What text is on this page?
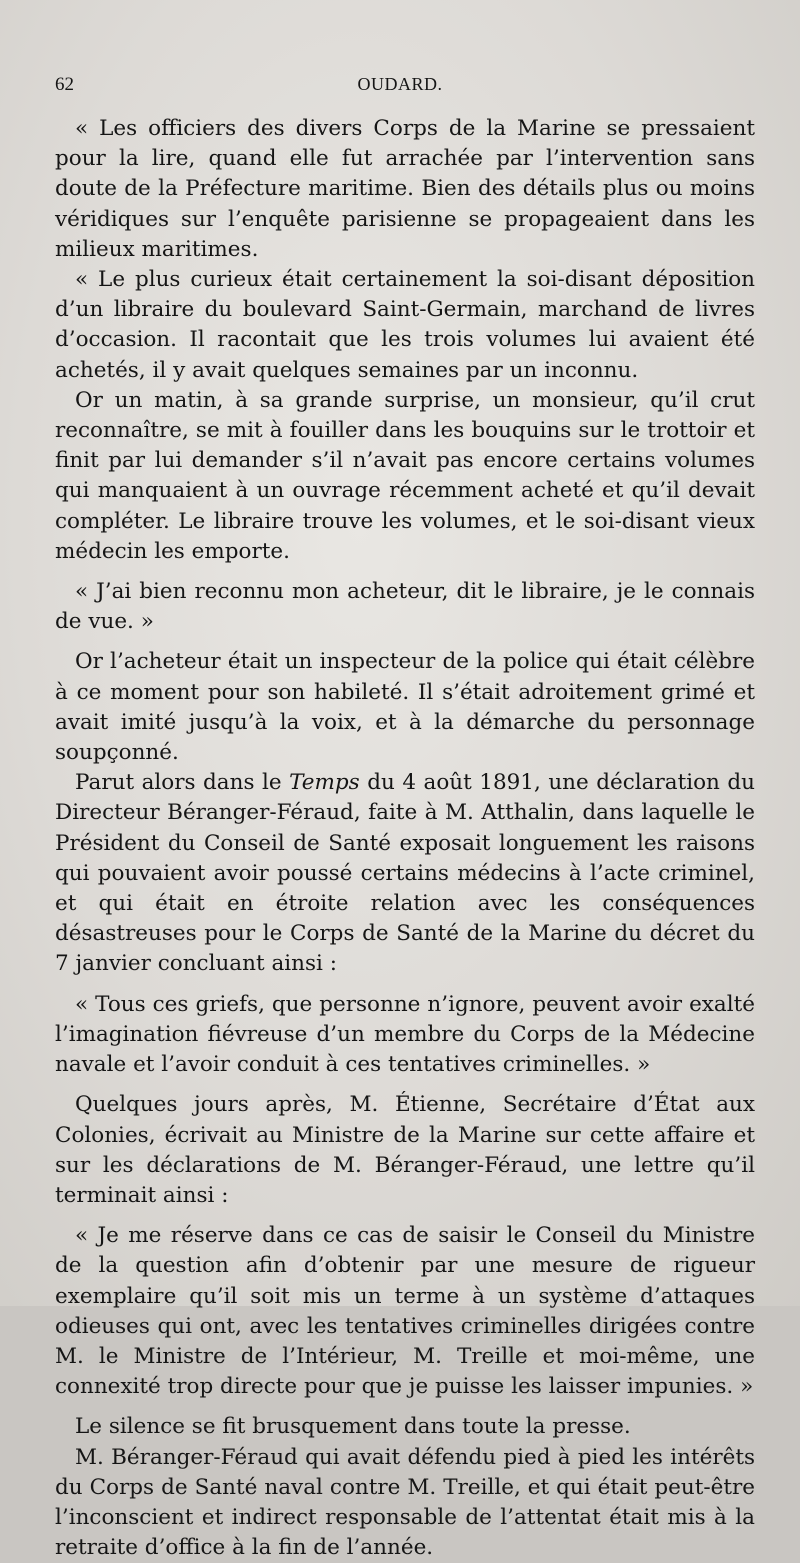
62	OUDARD.

« Les officiers des divers Corps de la Marine se pressaient pour la lire, quand elle fut arrachée par l’intervention sans doute de la Préfecture maritime. Bien des détails plus ou moins véridiques sur l’enquête parisienne se propageaient dans les milieux maritimes.

« Le plus curieux était certainement la soi-disant déposition d’un libraire du boulevard Saint-Germain, marchand de livres d’occasion. Il racontait que les trois volumes lui avaient été achetés, il y avait quelques semaines par un inconnu.

Or un matin, à sa grande surprise, un monsieur, qu’il crut reconnaître, se mit à fouiller dans les bouquins sur le trottoir et finit par lui demander s’il n’avait pas encore certains volumes qui manquaient à un ouvrage récemment acheté et qu’il devait compléter. Le libraire trouve les volumes, et le soi-disant vieux médecin les emporte.

« J’ai bien reconnu mon acheteur, dit le libraire, je le connais de vue. »

Or l’acheteur était un inspecteur de la police qui était célèbre à ce moment pour son habileté. Il s’était adroitement grimé et avait imité jusqu’à la voix, et à la démarche du personnage soupçonné.

Parut alors dans le Temps du 4 août 1891, une déclaration du Directeur Béranger-Féraud, faite à M. Atthalin, dans laquelle le Président du Conseil de Santé exposait longuement les raisons qui pouvaient avoir poussé certains médecins à l’acte criminel, et qui était en étroite relation avec les conséquences désastreuses pour le Corps de Santé de la Marine du décret du 7 janvier concluant ainsi :

« Tous ces griefs, que personne n’ignore, peuvent avoir exalté l’imagination fiévreuse d’un membre du Corps de la Médecine navale et l’avoir conduit à ces tentatives criminelles. »

Quelques jours après, M. Étienne, Secrétaire d’État aux Colonies, écrivait au Ministre de la Marine sur cette affaire et sur les déclarations de M. Béranger-Féraud, une lettre qu’il terminait ainsi :

« Je me réserve dans ce cas de saisir le Conseil du Ministre de la question afin d’obtenir par une mesure de rigueur exemplaire qu’il soit mis un terme à un système d’attaques odieuses qui ont, avec les tentatives criminelles dirigées contre M. le Ministre de l’Intérieur, M. Treille et moi-même, une connexité trop directe pour que je puisse les laisser impunies. »

Le silence se fit brusquement dans toute la presse.

M. Béranger-Féraud qui avait défendu pied à pied les intérêts du Corps de Santé naval contre M. Treille, et qui était peut-être l’inconscient et indirect responsable de l’attentat était mis à la retraite d’office à la fin de l’année.
